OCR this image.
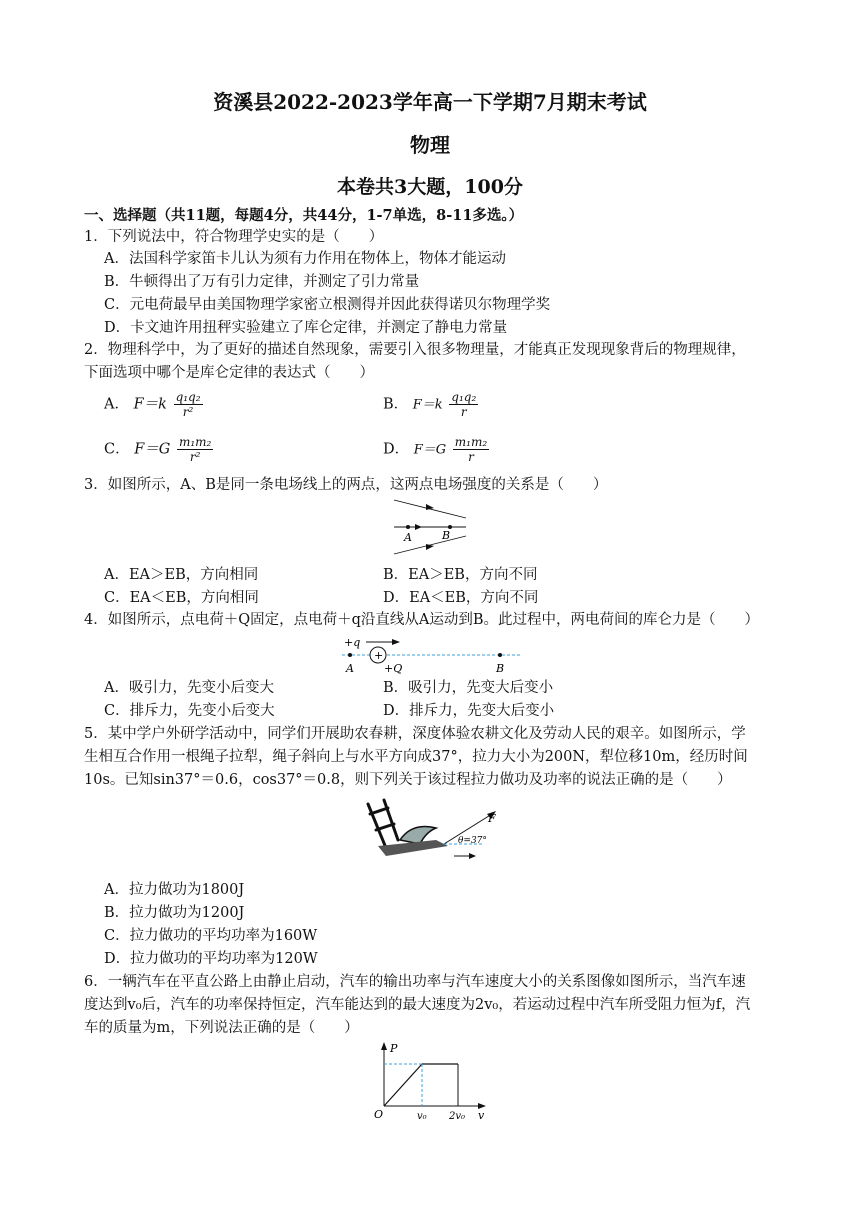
资溪县2022-2023学年高一下学期7月期末考试
物理
本卷共3大题，100分
一、选择题（共11题，每题4分，共44分，1-7单选，8-11多选。）
1．下列说法中，符合物理学史实的是（　　）
A．法国科学家笛卡儿认为须有力作用在物体上，物体才能运动
B．牛顿得出了万有引力定律，并测定了引力常量
C．元电荷最早由美国物理学家密立根测得并因此获得诺贝尔物理学奖
D．卡文迪许用扭秤实验建立了库仑定律，并测定了静电力常量
2．物理科学中，为了更好的描述自然现象，需要引入很多物理量，才能真正发现现象背后的物理规律，
下面选项中哪个是库仑定律的表达式（　　）
A． $F=k \frac{\text{q₁q₂}}{\text{r²}}$	B． $F=k \frac{\text{q₁q₂}}{r}$
C． $F=G \frac{\text{m₁m₂}}{\text{r²}}$	D． $F=G \frac{\text{m₁m₂}}{r}$
3．如图所示，A、B是同一条电场线上的两点，这两点电场强度的关系是（　　）
A	B
A．EA＞EB，方向相同	B．EA＞EB，方向不同
C．EA＜EB，方向相同	D．EA＜EB，方向不同
4．如图所示，点电荷＋Q固定，点电荷＋q沿直线从A运动到B。此过程中，两电荷间的库仑力是（　　）
+
+q
A	+Q	B
A．吸引力，先变小后变大	B．吸引力，先变大后变小
C．排斥力，先变小后变大	D．排斥力，先变大后变小
5．某中学户外研学活动中，同学们开展助农春耕，深度体验农耕文化及劳动人民的艰辛。如图所示，学
生相互合作用一根绳子拉犁，绳子斜向上与水平方向成37°，拉力大小为200N，犁位移10m，经历时间
10s。已知sin37°＝0.6，cos37°＝0.8，则下列关于该过程拉力做功及功率的说法正确的是（　　）
F
θ=37°
A．拉力做功为1800J
B．拉力做功为1200J
C．拉力做功的平均功率为160W
D．拉力做功的平均功率为120W
6．一辆汽车在平直公路上由静止启动，汽车的输出功率与汽车速度大小的关系图像如图所示，当汽车速
度达到v₀后，汽车的功率保持恒定，汽车能达到的最大速度为2v₀，若运动过程中汽车所受阻力恒为f，汽
车的质量为m，下列说法正确的是（　　）
P
O	v₀ 2v₀ v
